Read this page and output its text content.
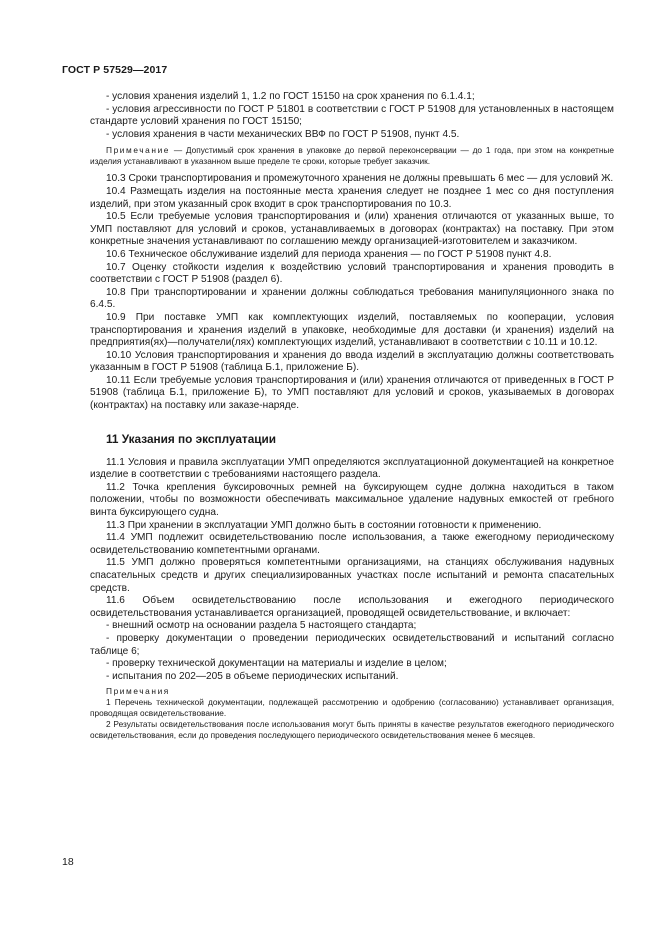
ГОСТ Р 57529—2017

- условия хранения изделий 1, 1.2 по ГОСТ 15150 на срок хранения по 6.1.4.1;

- условия агрессивности по ГОСТ Р 51801 в соответствии с ГОСТ Р 51908 для установленных в настоящем стандарте условий хранения по ГОСТ 15150;

- условия хранения в части механических ВВФ по ГОСТ Р 51908, пункт 4.5.

Примечание — Допустимый срок хранения в упаковке до первой переконсервации — до 1 года, при этом на конкретные изделия устанавливают в указанном выше пределе те сроки, которые требует заказчик.

10.3 Сроки транспортирования и промежуточного хранения не должны превышать 6 мес — для условий Ж.

10.4 Размещать изделия на постоянные места хранения следует не позднее 1 мес со дня поступления изделий, при этом указанный срок входит в срок транспортирования по 10.3.

10.5 Если требуемые условия транспортирования и (или) хранения отличаются от указанных выше, то УМП поставляют для условий и сроков, устанавливаемых в договорах (контрактах) на поставку. При этом конкретные значения устанавливают по соглашению между организацией-изготовителем и заказчиком.

10.6 Техническое обслуживание изделий для периода хранения — по ГОСТ Р 51908 пункт 4.8.

10.7 Оценку стойкости изделия к воздействию условий транспортирования и хранения проводить в соответствии с ГОСТ Р 51908 (раздел 6).

10.8 При транспортировании и хранении должны соблюдаться требования манипуляционного знака по 6.4.5.

10.9 При поставке УМП как комплектующих изделий, поставляемых по кооперации, условия транспортирования и хранения изделий в упаковке, необходимые для доставки (и хранения) изделий на предприятия(ях)—получатели(лях) комплектующих изделий, устанавливают в соответствии с 10.11 и 10.12.

10.10 Условия транспортирования и хранения до ввода изделий в эксплуатацию должны соответствовать указанным в ГОСТ Р 51908 (таблица Б.1, приложение Б).

10.11 Если требуемые условия транспортирования и (или) хранения отличаются от приведенных в ГОСТ Р 51908 (таблица Б.1, приложение Б), то УМП поставляют для условий и сроков, указываемых в договорах (контрактах) на поставку или заказе-наряде.

11 Указания по эксплуатации

11.1 Условия и правила эксплуатации УМП определяются эксплуатационной документацией на конкретное изделие в соответствии с требованиями настоящего раздела.

11.2 Точка крепления буксировочных ремней на буксирующем судне должна находиться в таком положении, чтобы по возможности обеспечивать максимальное удаление надувных емкостей от гребного винта буксирующего судна.

11.3 При хранении в эксплуатации УМП должно быть в состоянии готовности к применению.

11.4 УМП подлежит освидетельствованию после использования, а также ежегодному периодическому освидетельствованию компетентными органами.

11.5 УМП должно проверяться компетентными организациями, на станциях обслуживания надувных спасательных средств и других специализированных участках после испытаний и ремонта спасательных средств.

11.6 Объем освидетельствованию после использования и ежегодного периодического освидетельствования устанавливается организацией, проводящей освидетельствование, и включает:

- внешний осмотр на основании раздела 5 настоящего стандарта;

- проверку документации о проведении периодических освидетельствований и испытаний согласно таблице 6;

- проверку технической документации на материалы и изделие в целом;

- испытания по 202—205 в объеме периодических испытаний.

Примечания

1 Перечень технической документации, подлежащей рассмотрению и одобрению (согласованию) устанавливает организация, проводящая освидетельствование.

2 Результаты освидетельствования после использования могут быть приняты в качестве результатов ежегодного периодического освидетельствования, если до проведения последующего периодического освидетельствования менее 6 месяцев.

18
